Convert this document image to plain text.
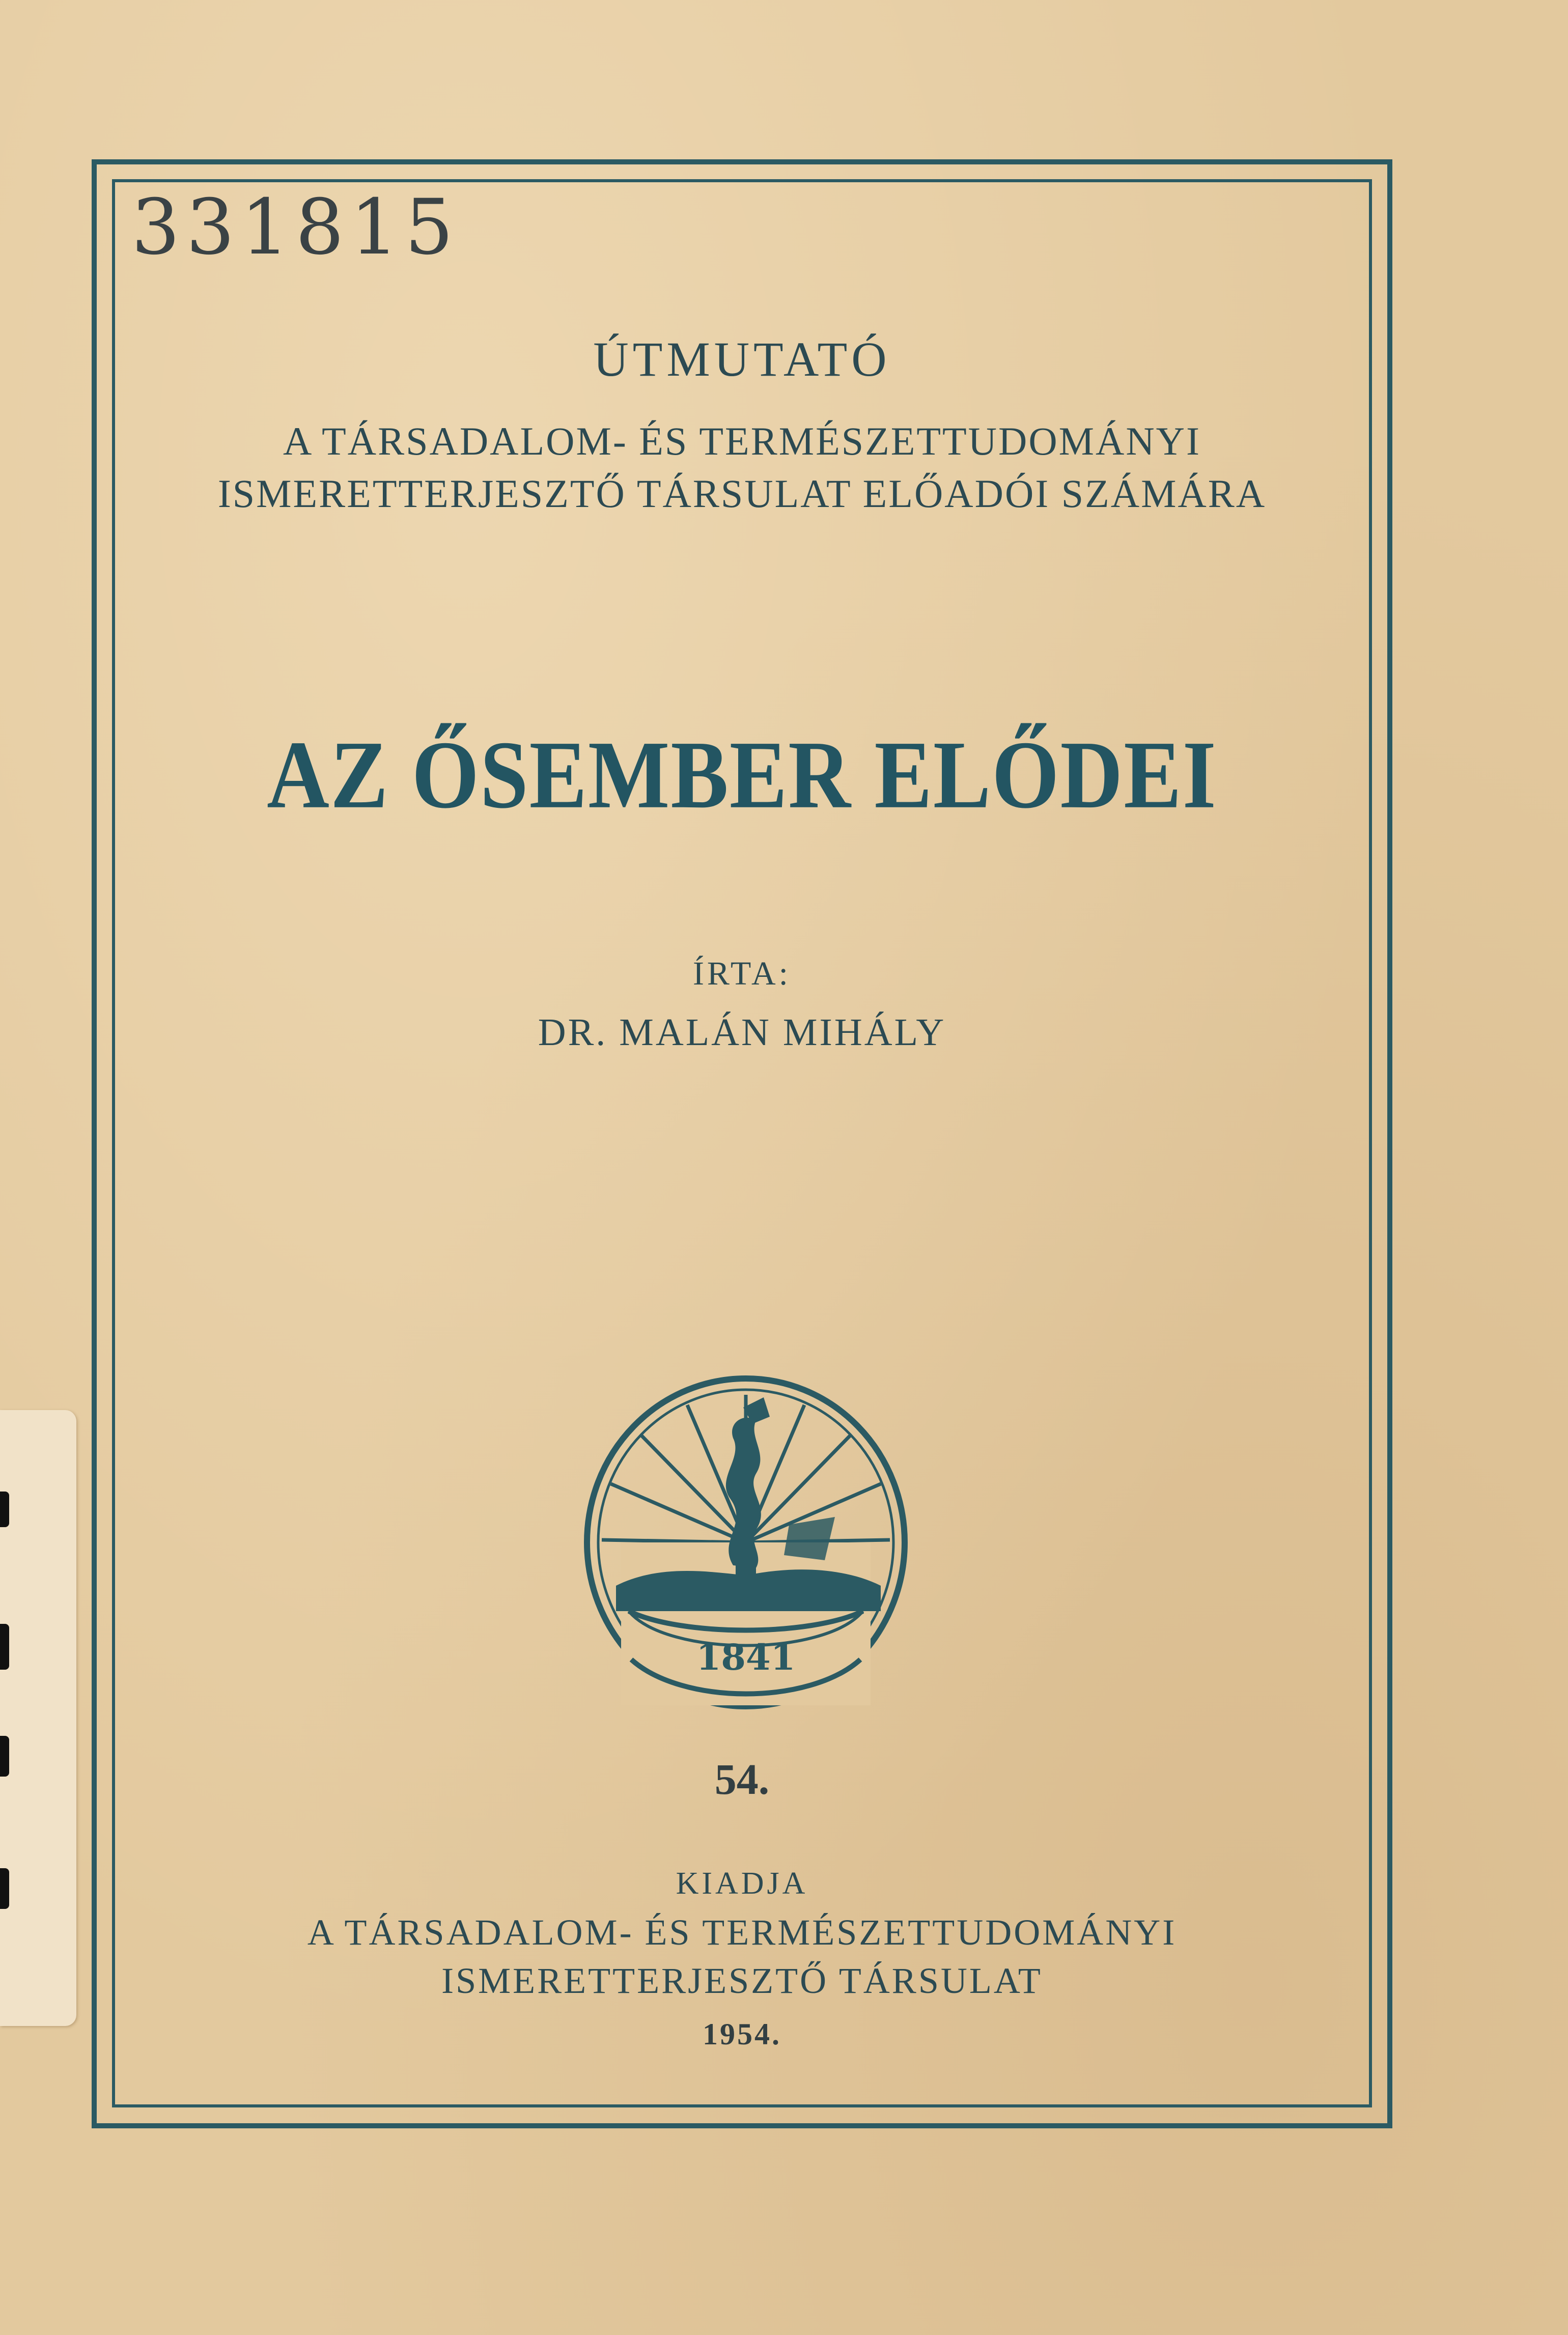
331815
ÚTMUTATÓ
A TÁRSADALOM- ÉS TERMÉSZETTUDOMÁNYI
ISMERETTERJESZTŐ TÁRSULAT ELŐADÓI SZÁMÁRA
AZ ŐSEMBER ELŐDEI
ÍRTA:
DR. MALÁN MIHÁLY
1841
54.
KIADJA
A TÁRSADALOM- ÉS TERMÉSZETTUDOMÁNYI
ISMERETTERJESZTŐ TÁRSULAT
1954.
